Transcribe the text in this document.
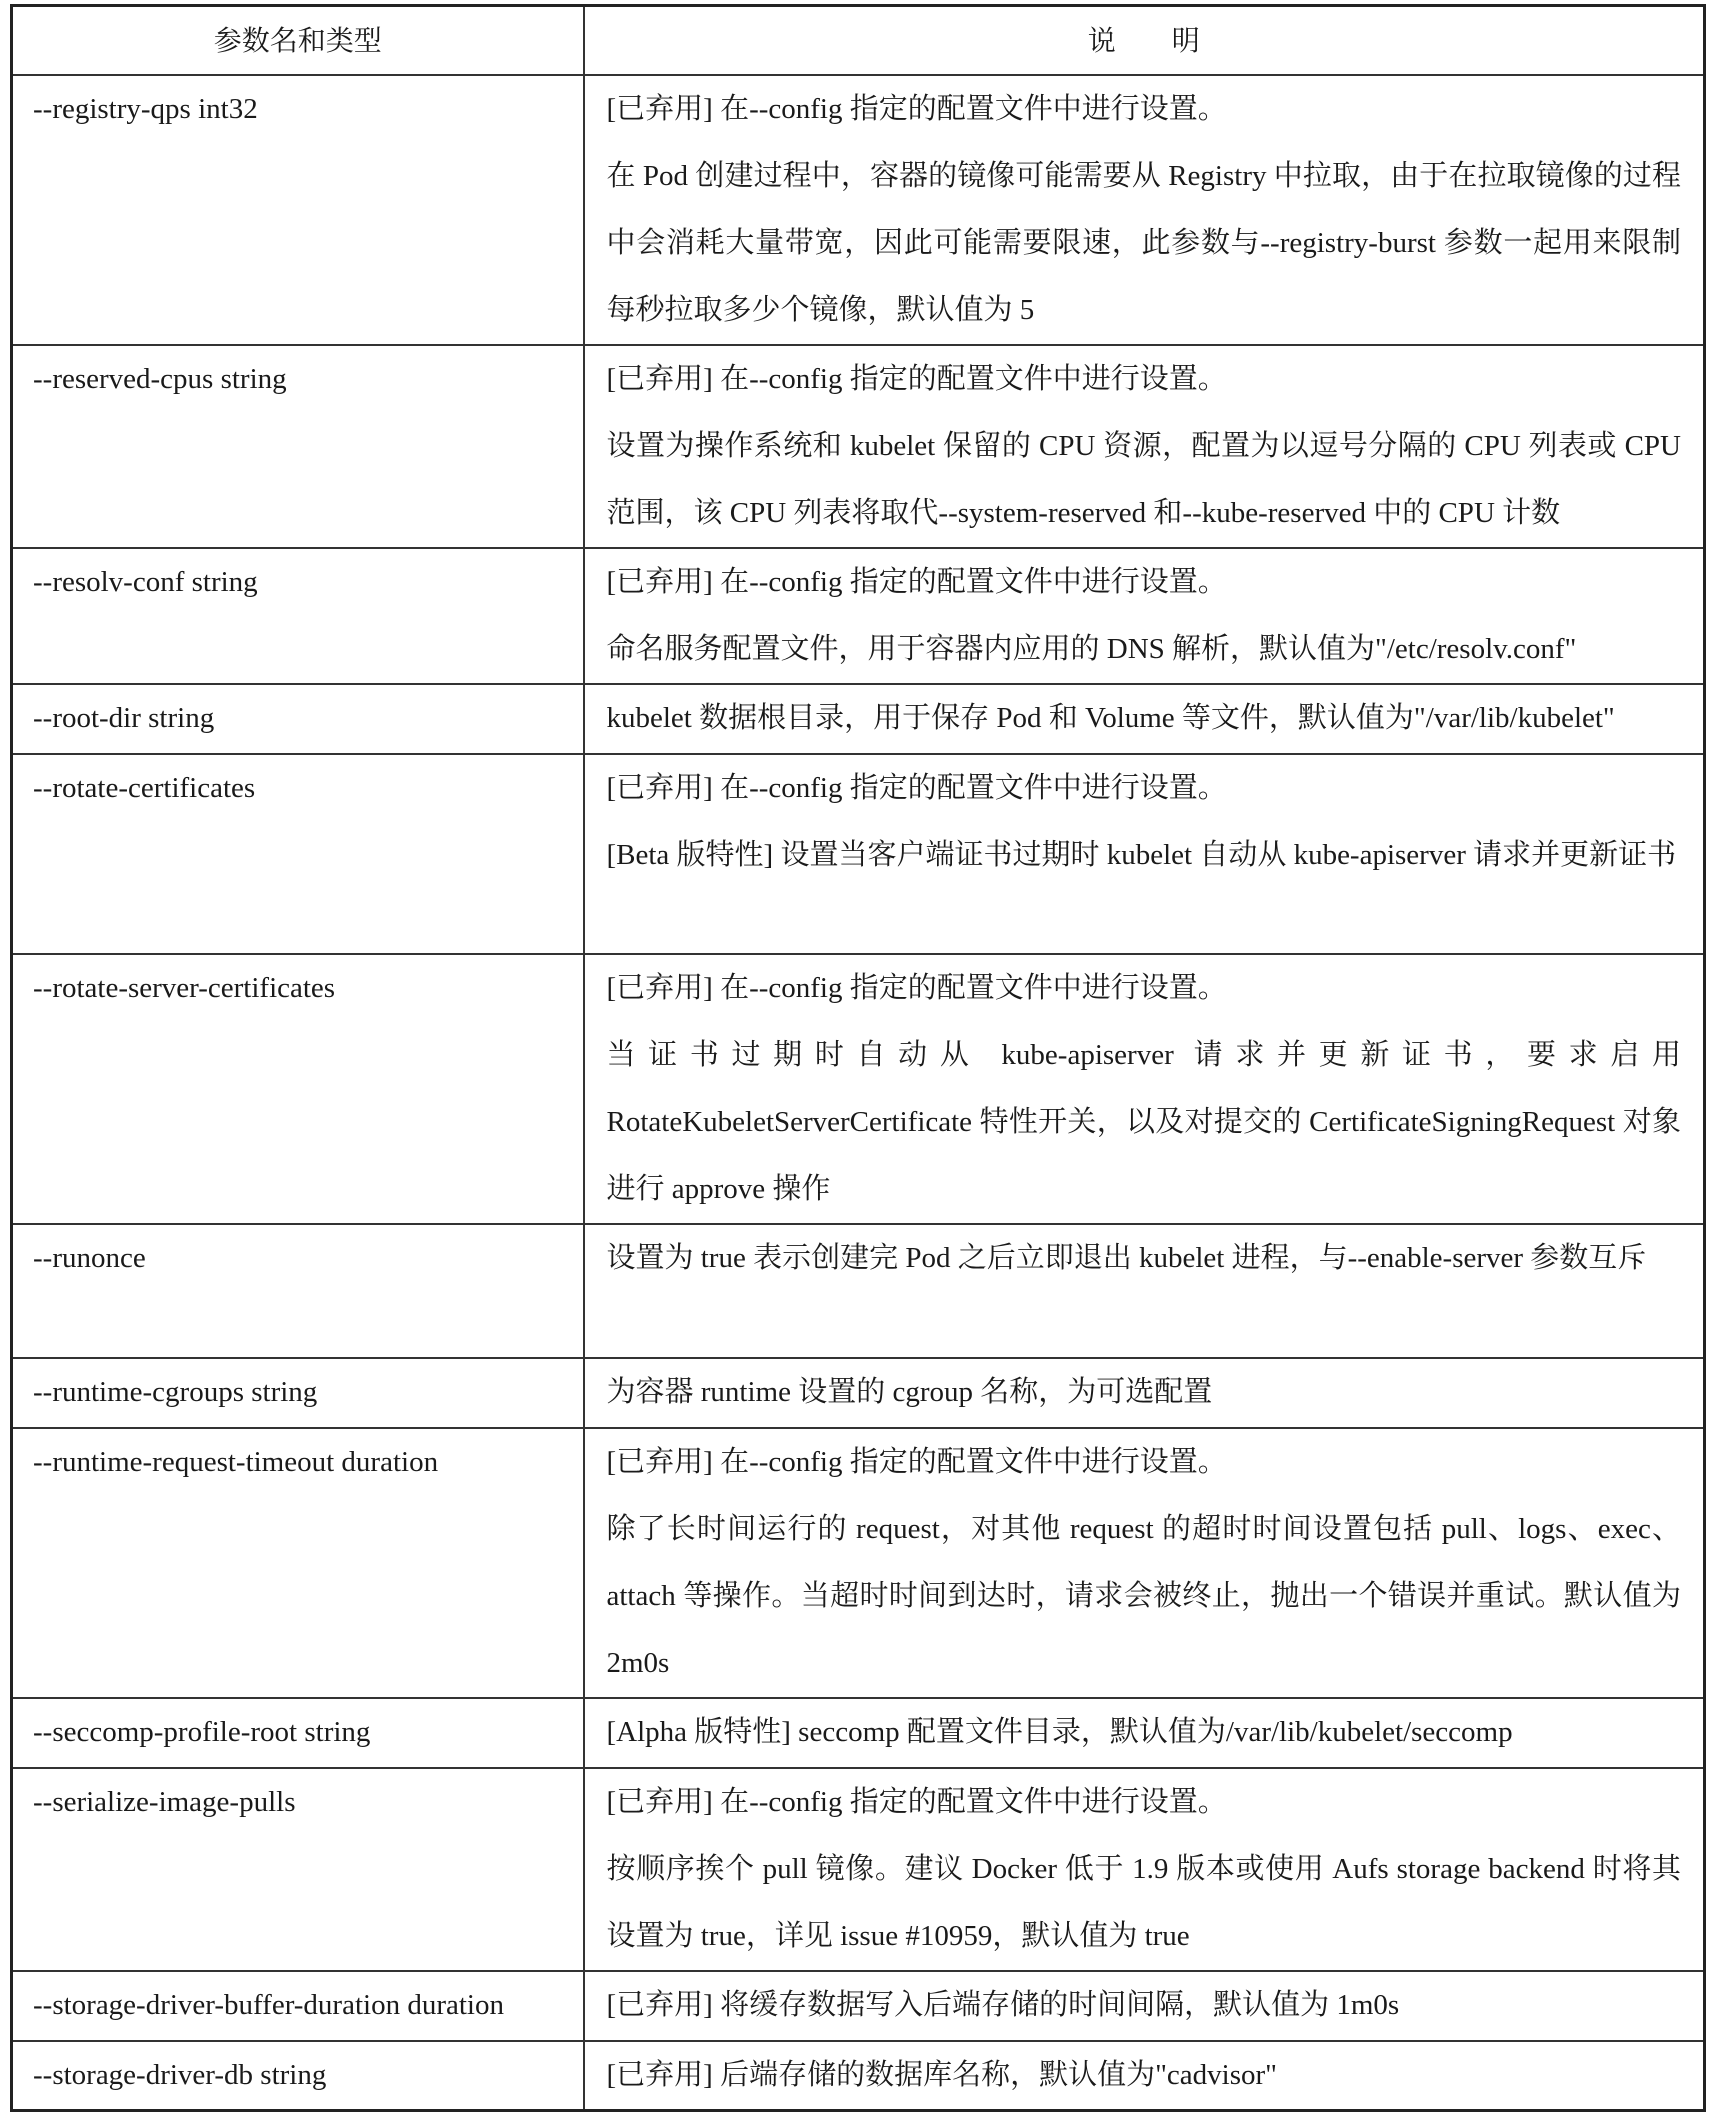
参数名和类型	说　　明
--registry-qps int32	[已弃用] 在--config 指定的配置文件中进行设置。
在 Pod 创建过程中，容器的镜像可能需要从 Registry 中拉取，由于在拉取镜像的过程中会消耗大量带宽，因此可能需要限速，此参数与--registry-burst 参数一起用来限制每秒拉取多少个镜像，默认值为 5

--reserved-cpus string	[已弃用] 在--config 指定的配置文件中进行设置。
设置为操作系统和 kubelet 保留的 CPU 资源，配置为以逗号分隔的 CPU 列表或 CPU 范围，该 CPU 列表将取代--system-reserved 和--kube-reserved 中的 CPU 计数

--resolv-conf string	[已弃用] 在--config 指定的配置文件中进行设置。
命名服务配置文件，用于容器内应用的 DNS 解析，默认值为"/etc/resolv.conf"

--root-dir string	kubelet 数据根目录，用于保存 Pod 和 Volume 等文件，默认值为"/var/lib/kubelet"

--rotate-certificates	[已弃用] 在--config 指定的配置文件中进行设置。
[Beta 版特性] 设置当客户端证书过期时 kubelet 自动从 kube-apiserver 请求并更新证书

--rotate-server-certificates	[已弃用] 在--config 指定的配置文件中进行设置。
当证书过期时自动从 kube-apiserver 请求并更新证书，要求启用 RotateKubeletServerCertificate 特性开关，以及对提交的 CertificateSigningRequest 对象进行 approve 操作

--runonce	设置为 true 表示创建完 Pod 之后立即退出 kubelet 进程，与--enable-server 参数互斥

--runtime-cgroups string	为容器 runtime 设置的 cgroup 名称，为可选配置

--runtime-request-timeout duration	[已弃用] 在--config 指定的配置文件中进行设置。
除了长时间运行的 request，对其他 request 的超时时间设置包括 pull、logs、exec、attach 等操作。当超时时间到达时，请求会被终止，抛出一个错误并重试。默认值为 2m0s

--seccomp-profile-root string	[Alpha 版特性] seccomp 配置文件目录，默认值为/var/lib/kubelet/seccomp

--serialize-image-pulls	[已弃用] 在--config 指定的配置文件中进行设置。
按顺序挨个 pull 镜像。建议 Docker 低于 1.9 版本或使用 Aufs storage backend 时将其设置为 true，详见 issue #10959，默认值为 true

--storage-driver-buffer-duration duration	[已弃用] 将缓存数据写入后端存储的时间间隔，默认值为 1m0s

--storage-driver-db string	[已弃用] 后端存储的数据库名称，默认值为"cadvisor"
